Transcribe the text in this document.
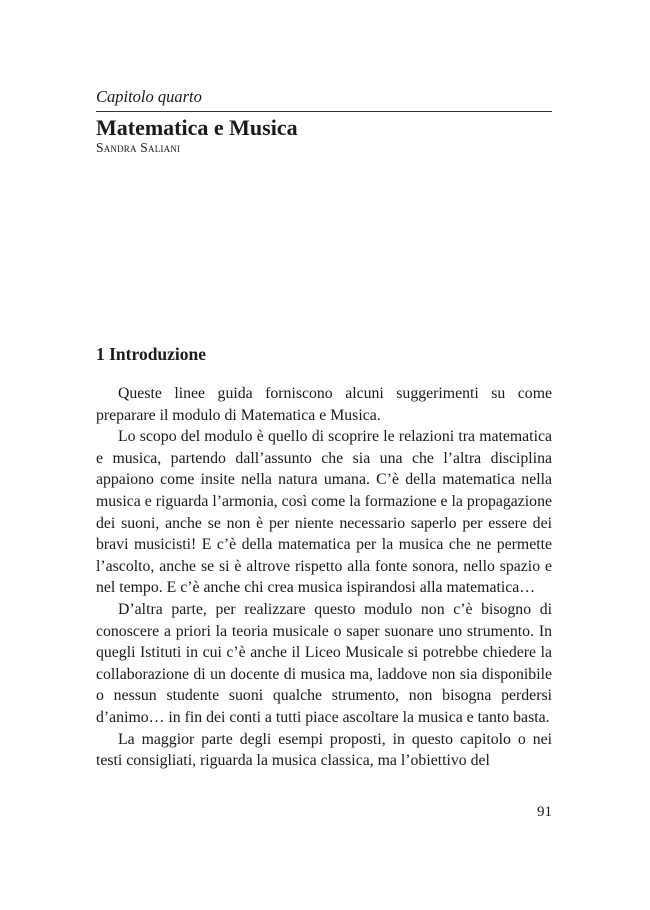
Capitolo quarto
Matematica e Musica
Sandra Saliani
1 Introduzione

Queste linee guida forniscono alcuni suggerimenti su come preparare il modulo di Matematica e Musica.

Lo scopo del modulo è quello di scoprire le relazioni tra matematica e musica, partendo dall’assunto che sia una che l’altra disciplina appaiono come insite nella natura umana. C’è della matematica nella musica e riguarda l’armonia, così come la formazione e la propagazione dei suoni, anche se non è per niente necessario saperlo per essere dei bravi musicisti! E c’è della matematica per la musica che ne permette l’ascolto, anche se si è altrove rispetto alla fonte sonora, nello spazio e nel tempo. E c’è anche chi crea musica ispirandosi alla matematica…

D’altra parte, per realizzare questo modulo non c’è bisogno di conoscere a priori la teoria musicale o saper suonare uno strumento. In quegli Istituti in cui c’è anche il Liceo Musicale si potrebbe chiedere la collaborazione di un docente di musica ma, laddove non sia disponibile o nessun studente suoni qualche strumento, non bisogna perdersi d’animo… in fin dei conti a tutti piace ascoltare la musica e tanto basta.

La maggior parte degli esempi proposti, in questo capitolo o nei testi consigliati, riguarda la musica classica, ma l’obiettivo del

91
